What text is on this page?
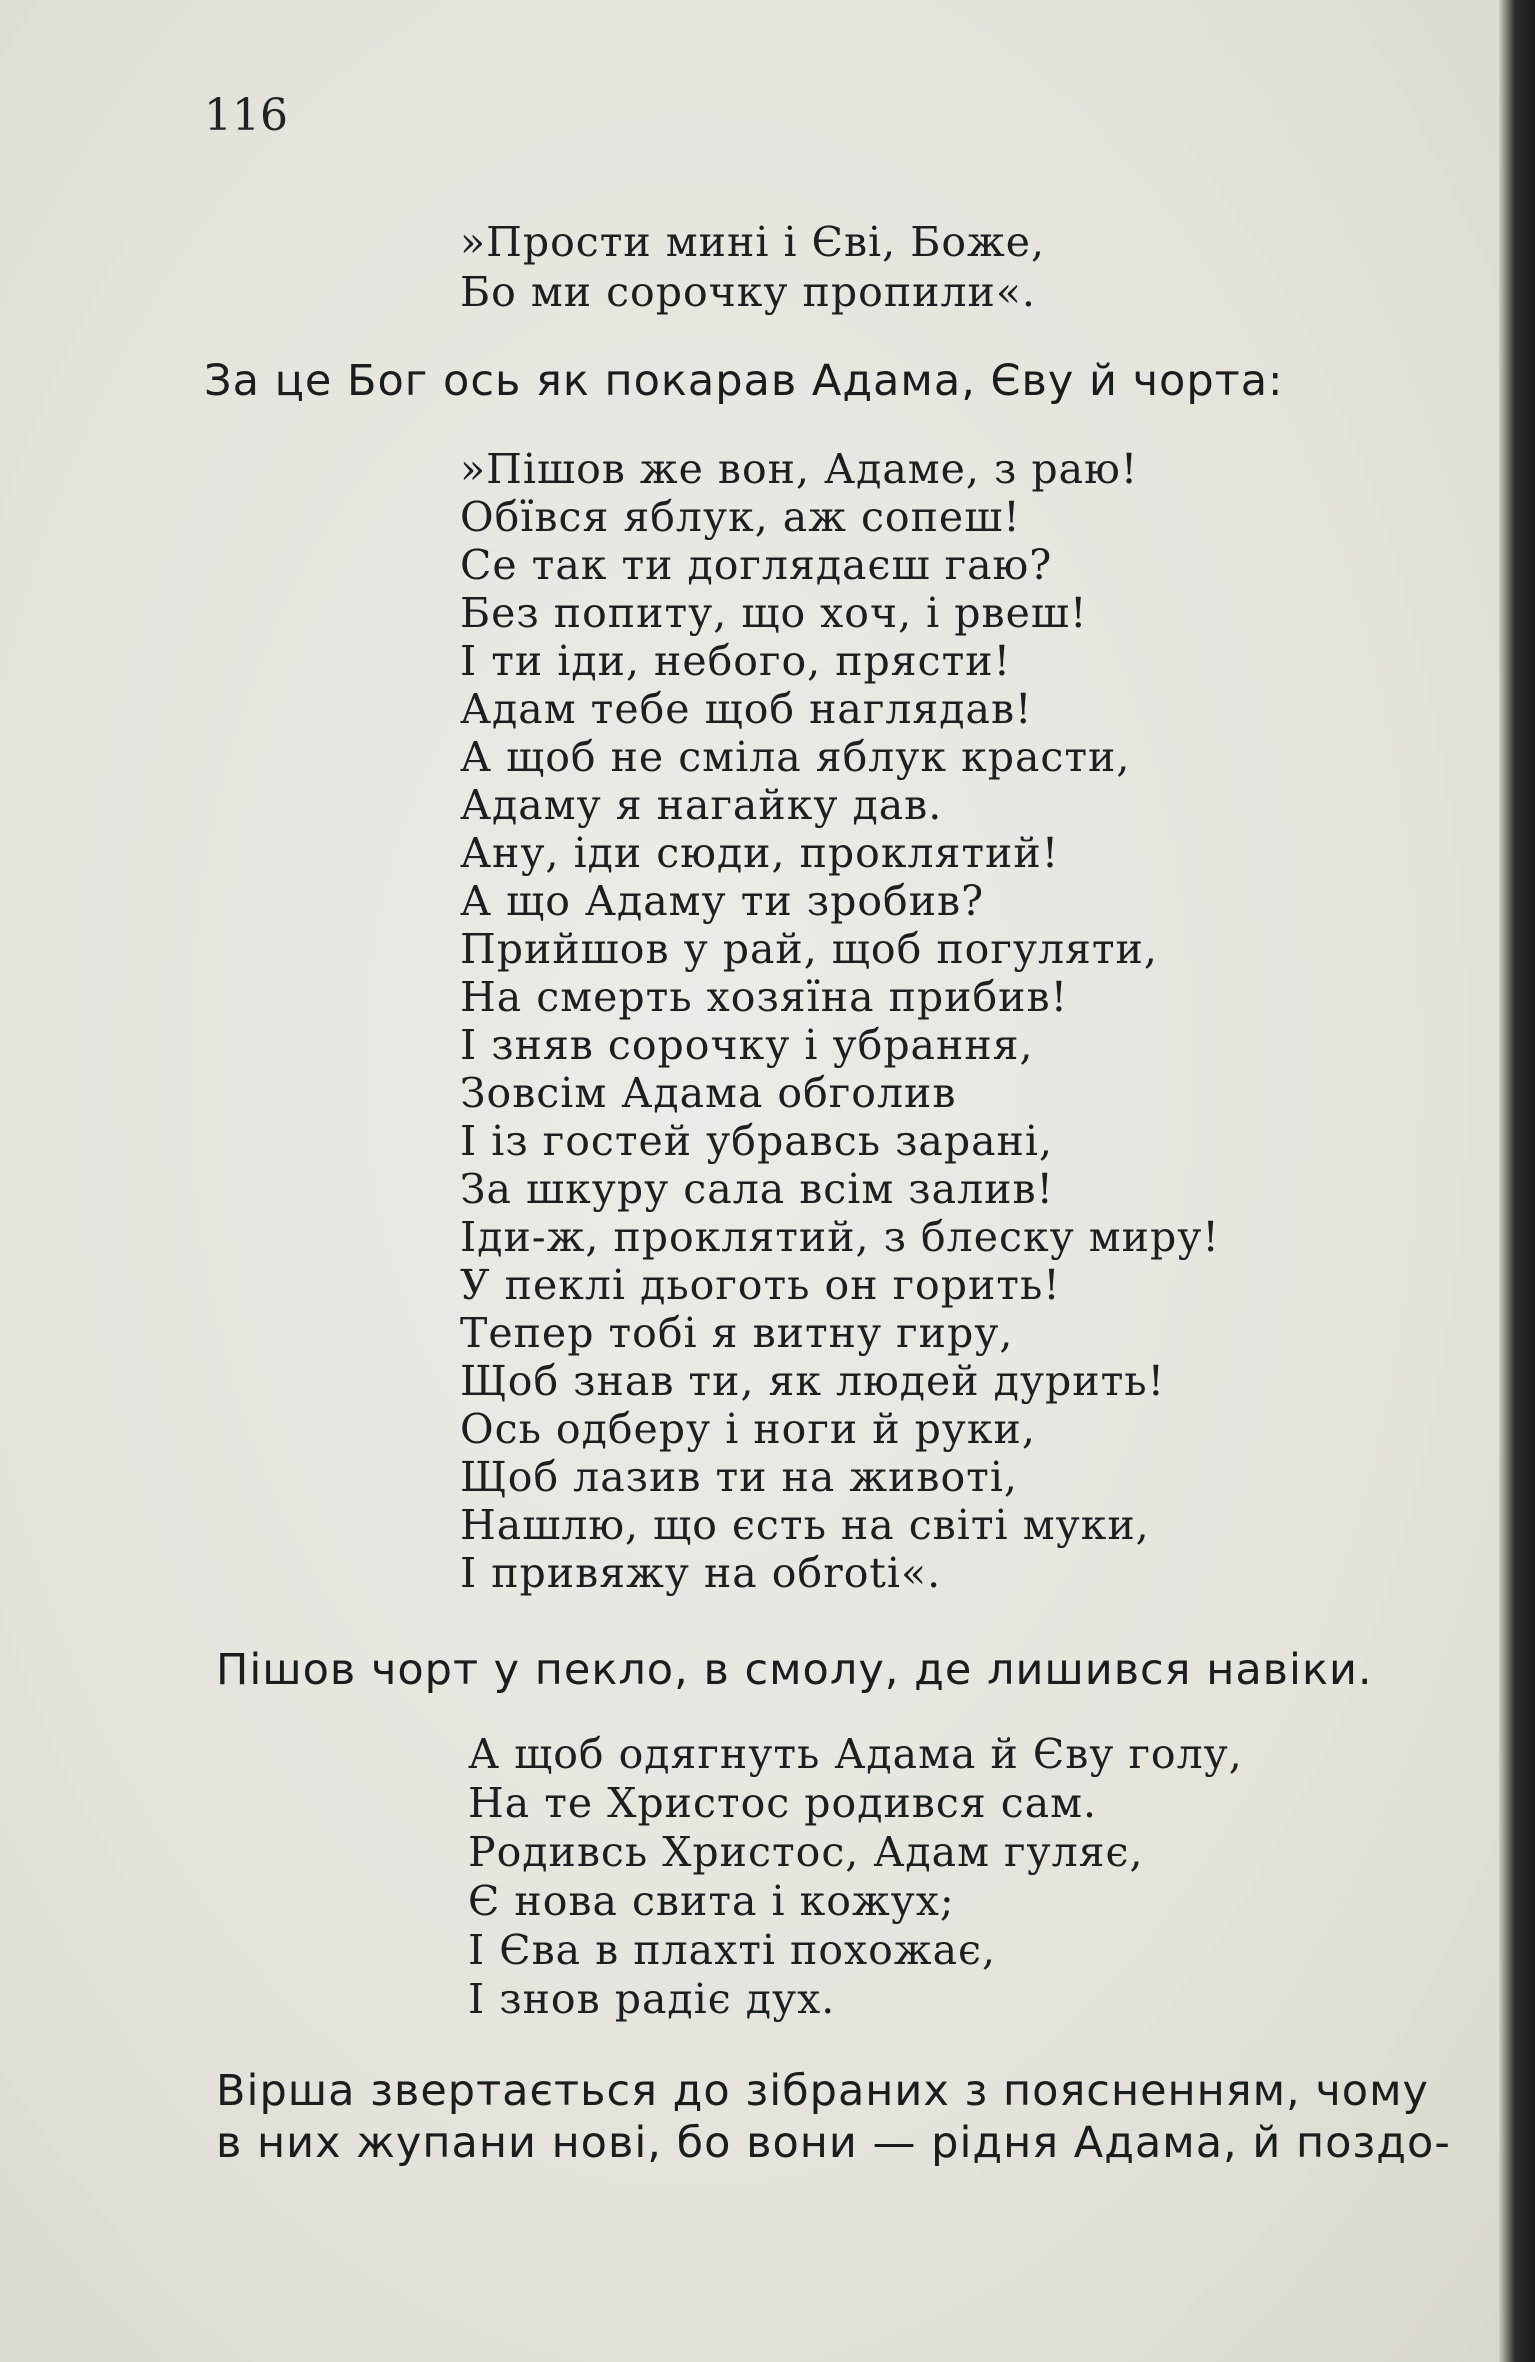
116
»Прости мині і Єві, Боже,
Бо ми сорочку пропили«.
За це Бог ось як покарав Адама, Єву й чорта:
»Пішов же вон, Адаме, з раю!
Обївся яблук, аж сопеш!
Се так ти доглядаєш гаю?
Без попиту, що хоч, і рвеш!
І ти іди, небого, прясти!
Адам тебе щоб наглядав!
А щоб не сміла яблук красти,
Адаму я нагайку дав.
Ану, іди сюди, проклятий!
А що Адаму ти зробив?
Прийшов у рай, щоб погуляти,
На смерть хозяїна прибив!
І зняв сорочку і убрання,
Зовсім Адама обголив
І із гостей убравсь зарані,
За шкуру сала всім залив!
Іди-ж, проклятий, з блеску миру!
У пеклі дьоготь он горить!
Тепер тобі я витну гиру,
Щоб знав ти, як людей дурить!
Ось одберу і ноги й руки,
Щоб лазив ти на животі,
Нашлю, що єсть на світі муки,
І привяжу на обroti«.
Пішов чорт у пекло, в смолу, де лишився навіки.
А щоб одягнуть Адама й Єву голу,
На те Христос родився сам.
Родивсь Христос, Адам гуляє,
Є нова свита і кожух;
І Єва в плахті похожає,
І знов радіє дух.
Вірша звертається до зібраних з поясненням, чому
в них жупани нові, бо вони — рідня Адама, й поздо-
